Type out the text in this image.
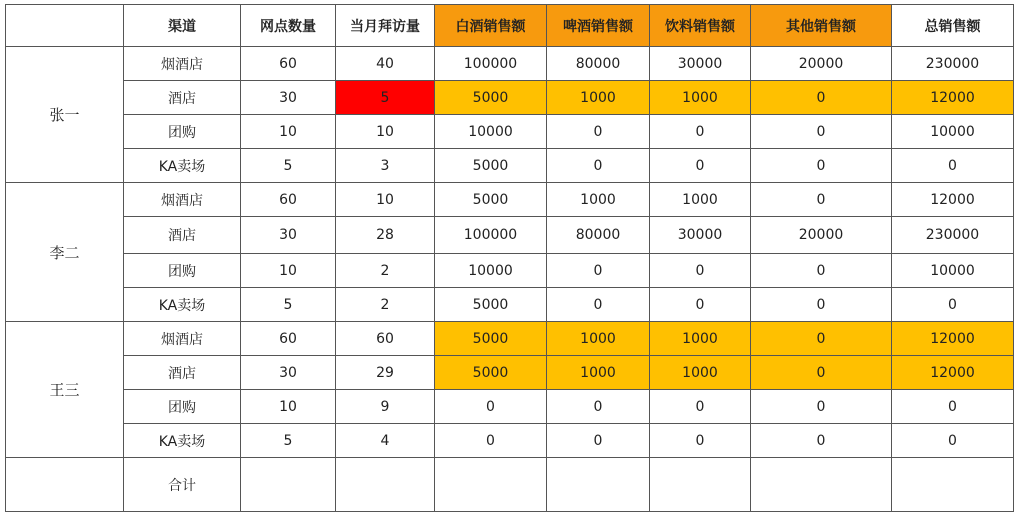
	渠道	网点数量	当月拜访量	白酒销售额	啤酒销售额	饮料销售额	其他销售额	总销售额
张一	烟酒店	60	40	100000	80000	30000	20000	230000
	酒店	30	5	5000	1000	1000	0	12000
	团购	10	10	10000	0	0	0	10000
	KA卖场	5	3	5000	0	0	0	0
李二	烟酒店	60	10	5000	1000	1000	0	12000
	酒店	30	28	100000	80000	30000	20000	230000
	团购	10	2	10000	0	0	0	10000
	KA卖场	5	2	5000	0	0	0	0
王三	烟酒店	60	60	5000	1000	1000	0	12000
	酒店	30	29	5000	1000	1000	0	12000
	团购	10	9	0	0	0	0	0
	KA卖场	5	4	0	0	0	0	0
	合计							
